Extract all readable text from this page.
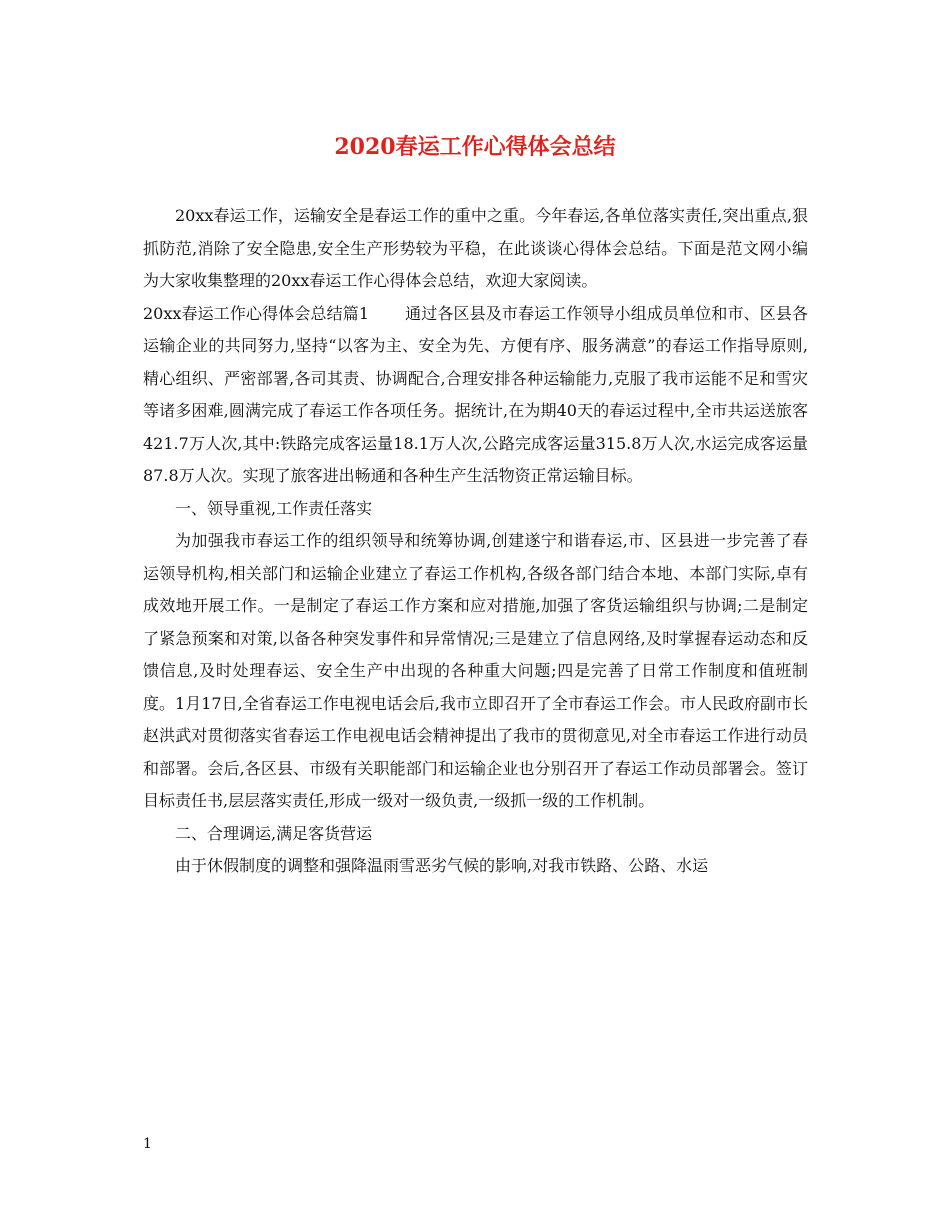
2020春运工作心得体会总结

20xx春运工作，运输安全是春运工作的重中之重。今年春运,各单位落实责任,突出重点,狠抓防范,消除了安全隐患,安全生产形势较为平稳，在此谈谈心得体会总结。下面是范文网小编为大家收集整理的20xx春运工作心得体会总结，欢迎大家阅读。

20xx春运工作心得体会总结篇1 通过各区县及市春运工作领导小组成员单位和市、区县各运输企业的共同努力,坚持“以客为主、安全为先、方便有序、服务满意”的春运工作指导原则,精心组织、严密部署,各司其责、协调配合,合理安排各种运输能力,克服了我市运能不足和雪灾等诸多困难,圆满完成了春运工作各项任务。据统计,在为期40天的春运过程中,全市共运送旅客421.7万人次,其中:铁路完成客运量18.1万人次,公路完成客运量315.8万人次,水运完成客运量87.8万人次。实现了旅客进出畅通和各种生产生活物资正常运输目标。

一、领导重视,工作责任落实

为加强我市春运工作的组织领导和统筹协调,创建遂宁和谐春运,市、区县进一步完善了春运领导机构,相关部门和运输企业建立了春运工作机构,各级各部门结合本地、本部门实际,卓有成效地开展工作。一是制定了春运工作方案和应对措施,加强了客货运输组织与协调;二是制定了紧急预案和对策,以备各种突发事件和异常情况;三是建立了信息网络,及时掌握春运动态和反馈信息,及时处理春运、安全生产中出现的各种重大问题;四是完善了日常工作制度和值班制度。1月17日,全省春运工作电视电话会后,我市立即召开了全市春运工作会。市人民政府副市长赵洪武对贯彻落实省春运工作电视电话会精神提出了我市的贯彻意见,对全市春运工作进行动员和部署。会后,各区县、市级有关职能部门和运输企业也分别召开了春运工作动员部署会。签订目标责任书,层层落实责任,形成一级对一级负责,一级抓一级的工作机制。

二、合理调运,满足客货营运

由于休假制度的调整和强降温雨雪恶劣气候的影响,对我市铁路、公路、水运

1
